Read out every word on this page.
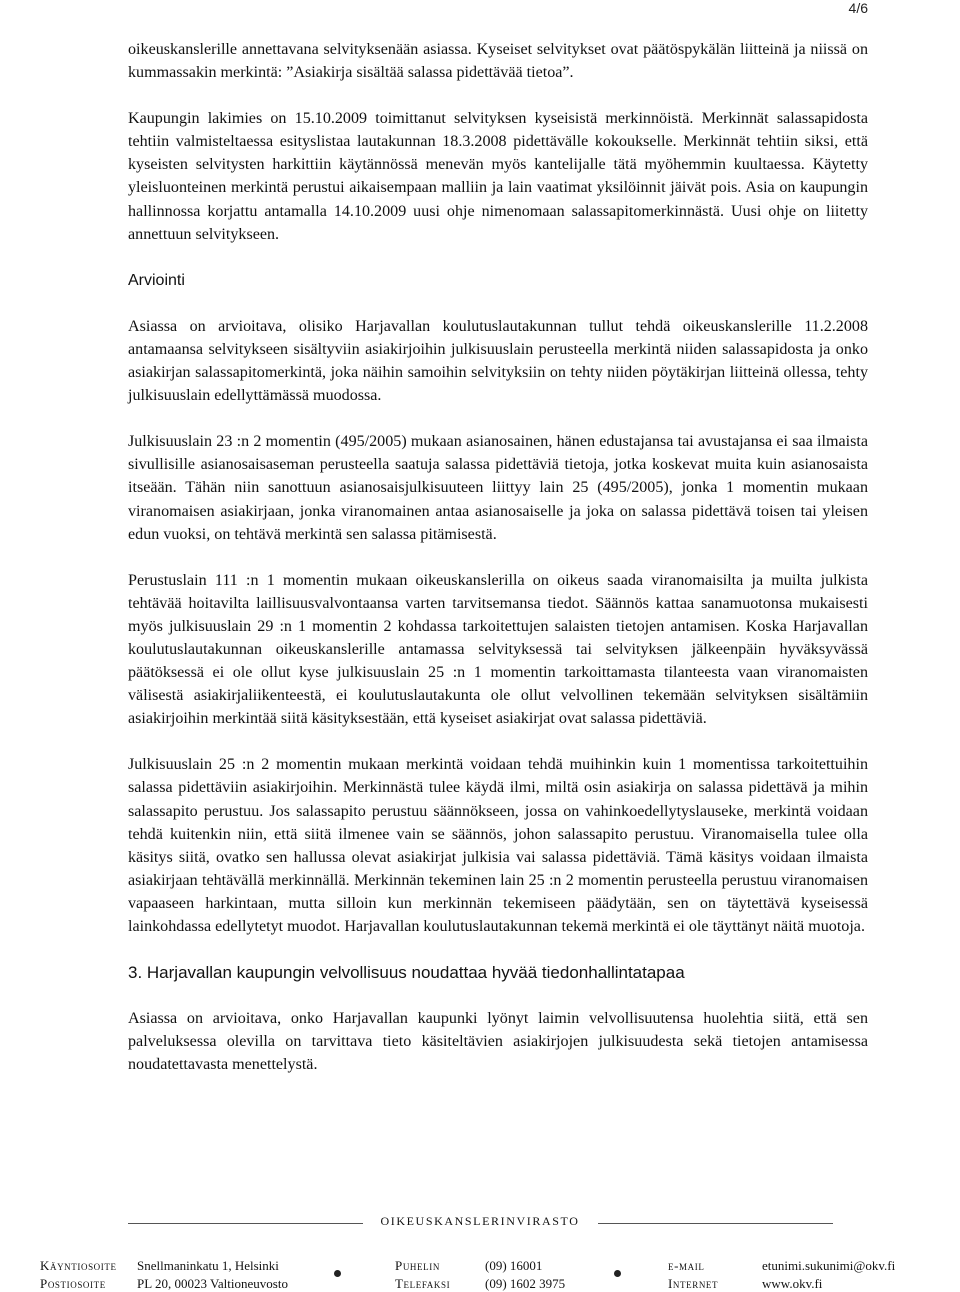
4/6

oikeuskanslerille annettavana selvityksenään asiassa. Kyseiset selvitykset ovat päätöspykälän liitteinä ja niissä on kummassakin merkintä: ”Asiakirja sisältää salassa pidettävää tietoa”.

Kaupungin lakimies on 15.10.2009 toimittanut selvityksen kyseisistä merkinnöistä. Merkinnät salassapidosta tehtiin valmisteltaessa esityslistaa lautakunnan 18.3.2008 pidettävälle kokoukselle. Merkinnät tehtiin siksi, että kyseisten selvitysten harkittiin käytännössä menevän myös kantelijalle tätä myöhemmin kuultaessa. Käytetty yleisluonteinen merkintä perustui aikaisempaan malliin ja lain vaatimat yksilöinnit jäivät pois. Asia on kaupungin hallinnossa korjattu antamalla 14.10.2009 uusi ohje nimenomaan salassapitomerkinnästä. Uusi ohje on liitetty annettuun selvitykseen.

Arviointi

Asiassa on arvioitava, olisiko Harjavallan koulutuslautakunnan tullut tehdä oikeuskanslerille 11.2.2008 antamaansa selvitykseen sisältyviin asiakirjoihin julkisuuslain perusteella merkintä niiden salassapidosta ja onko asiakirjan salassapitomerkintä, joka näihin samoihin selvityksiin on tehty niiden pöytäkirjan liitteinä ollessa, tehty julkisuuslain edellyttämässä muodossa.

Julkisuuslain 23 :n 2 momentin (495/2005) mukaan asianosainen, hänen edustajansa tai avustajansa ei saa ilmaista sivullisille asianosaisaseman perusteella saatuja salassa pidettäviä tietoja, jotka koskevat muita kuin asianosaista itseään. Tähän niin sanottuun asianosaisjulkisuuteen liittyy lain 25 (495/2005), jonka 1 momentin mukaan viranomaisen asiakirjaan, jonka viranomainen antaa asianosaiselle ja joka on salassa pidettävä toisen tai yleisen edun vuoksi, on tehtävä merkintä sen salassa pitämisestä.

Perustuslain 111 :n 1 momentin mukaan oikeuskanslerilla on oikeus saada viranomaisilta ja muilta julkista tehtävää hoitavilta laillisuusvalvontaansa varten tarvitsemansa tiedot. Säännös kattaa sanamuotonsa mukaisesti myös julkisuuslain 29 :n 1 momentin 2 kohdassa tarkoitettujen salaisten tietojen antamisen. Koska Harjavallan koulutuslautakunnan oikeuskanslerille antamassa selvityksessä tai selvityksen jälkeenpäin hyväksyvässä päätöksessä ei ole ollut kyse julkisuuslain 25 :n 1 momentin tarkoittamasta tilanteesta vaan viranomaisten välisestä asiakirjaliikenteestä, ei koulutuslautakunta ole ollut velvollinen tekemään selvityksen sisältämiin asiakirjoihin merkintää siitä käsityksestään, että kyseiset asiakirjat ovat salassa pidettäviä.

Julkisuuslain 25 :n 2 momentin mukaan merkintä voidaan tehdä muihinkin kuin 1 momentissa tarkoitettuihin salassa pidettäviin asiakirjoihin. Merkinnästä tulee käydä ilmi, miltä osin asiakirja on salassa pidettävä ja mihin salassapito perustuu. Jos salassapito perustuu säännökseen, jossa on vahinkoedellytyslauseke, merkintä voidaan tehdä kuitenkin niin, että siitä ilmenee vain se säännös, johon salassapito perustuu. Viranomaisella tulee olla käsitys siitä, ovatko sen hallussa olevat asiakirjat julkisia vai salassa pidettäviä. Tämä käsitys voidaan ilmaista asiakirjaan tehtävällä merkinnällä. Merkinnän tekeminen lain 25 :n 2 momentin perusteella perustuu viranomaisen vapaaseen harkintaan, mutta silloin kun merkinnän tekemiseen päädytään, sen on täytettävä kyseisessä lainkohdassa edellytetyt muodot. Harjavallan koulutuslautakunnan tekemä merkintä ei ole täyttänyt näitä muotoja.

3. Harjavallan kaupungin velvollisuus noudattaa hyvää tiedonhallintatapaa

Asiassa on arvioitava, onko Harjavallan kaupunki lyönyt laimin velvollisuutensa huolehtia siitä, että sen palveluksessa olevilla on tarvittava tieto käsiteltävien asiakirjojen julkisuudesta sekä tietojen antamisessa noudatettavasta menettelystä.

OIKEUSKANSLERINVIRASTO
Käyntiosoite Snellmaninkatu 1, Helsinki	Puhelin	(09) 16001	e-mail	etunimi.sukunimi@okv.fi
Postiosoite PL 20, 00023 Valtioneuvosto	Telefaksi	(09) 1602 3975	Internet	www.okv.fi
